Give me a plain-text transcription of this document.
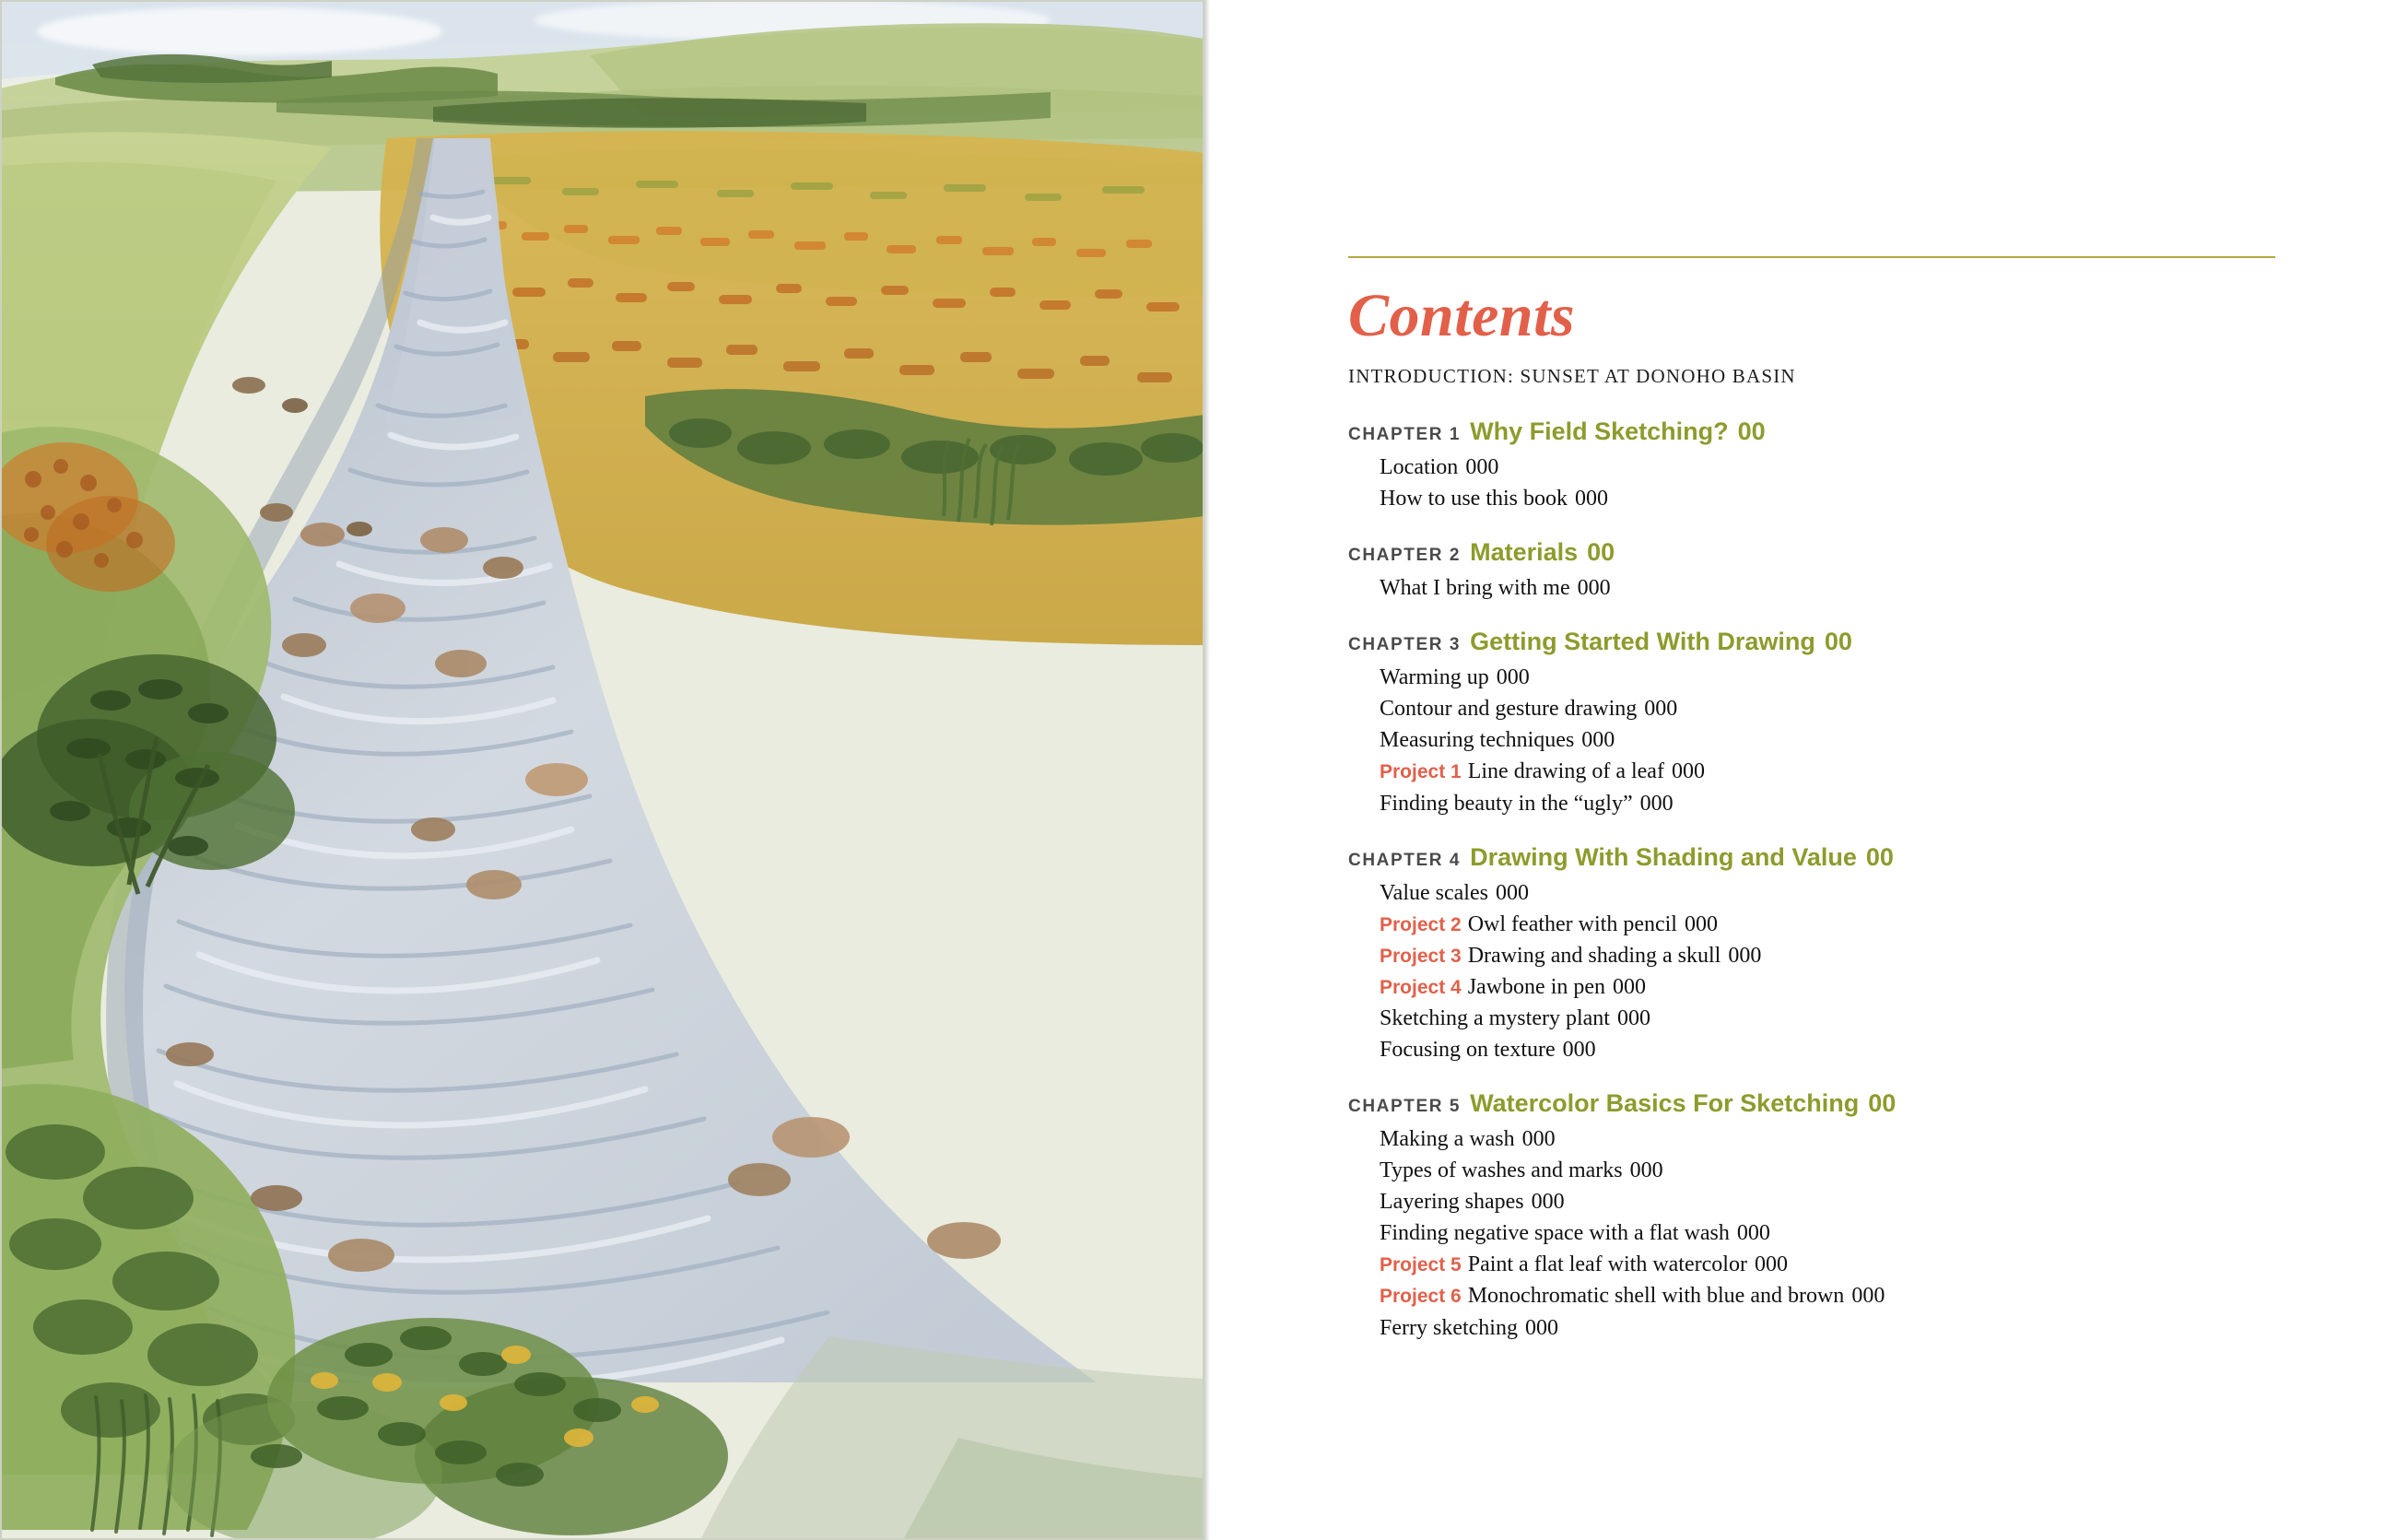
Contents
INTRODUCTION: SUNSET AT DONOHO BASIN
CHAPTER 1 Why Field Sketching? 00
Location 000
How to use this book 000
CHAPTER 2 Materials 00
What I bring with me 000
CHAPTER 3 Getting Started With Drawing 00
Warming up 000
Contour and gesture drawing 000
Measuring techniques 000
Project 1 Line drawing of a leaf 000
Finding beauty in the “ugly” 000
CHAPTER 4 Drawing With Shading and Value 00
Value scales 000
Project 2 Owl feather with pencil 000
Project 3 Drawing and shading a skull 000
Project 4 Jawbone in pen 000
Sketching a mystery plant 000
Focusing on texture 000
CHAPTER 5 Watercolor Basics For Sketching 00
Making a wash 000
Types of washes and marks 000
Layering shapes 000
Finding negative space with a flat wash 000
Project 5 Paint a flat leaf with watercolor 000
Project 6 Monochromatic shell with blue and brown 000
Ferry sketching 000
